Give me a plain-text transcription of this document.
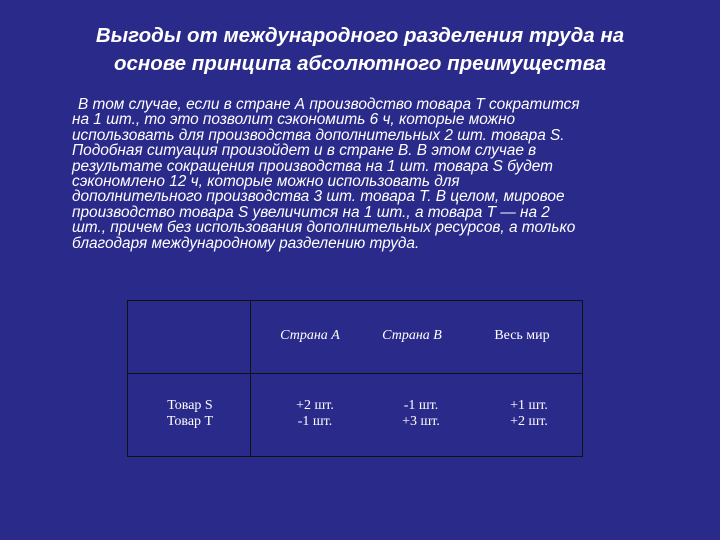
Выгоды от международного разделения труда на
основе принципа абсолютного преимущества
В том случае, если в стране А производство товара Т сократится
на 1 шт., то это позволит сэкономить 6 ч, которые можно
использовать для производства дополнительных 2 шт. товара S.
Подобная ситуация произойдет и в стране В. В этом случае в
результате сокращения производства на 1 шт. товара S будет
сэкономлено 12 ч, которые можно использовать для
дополнительного производства 3 шт. товара Т. В целом, мировое
производство товара S увеличится на 1 шт., а товара Т — на 2
шт., причем без использования дополнительных ресурсов, а только
благодаря международному разделению труда.
Страна А	Страна В	Весь мир
Товар S
Товар Т
+2 шт.
-1 шт.
-1 шт.
+3 шт.
+1 шт.
+2 шт.
